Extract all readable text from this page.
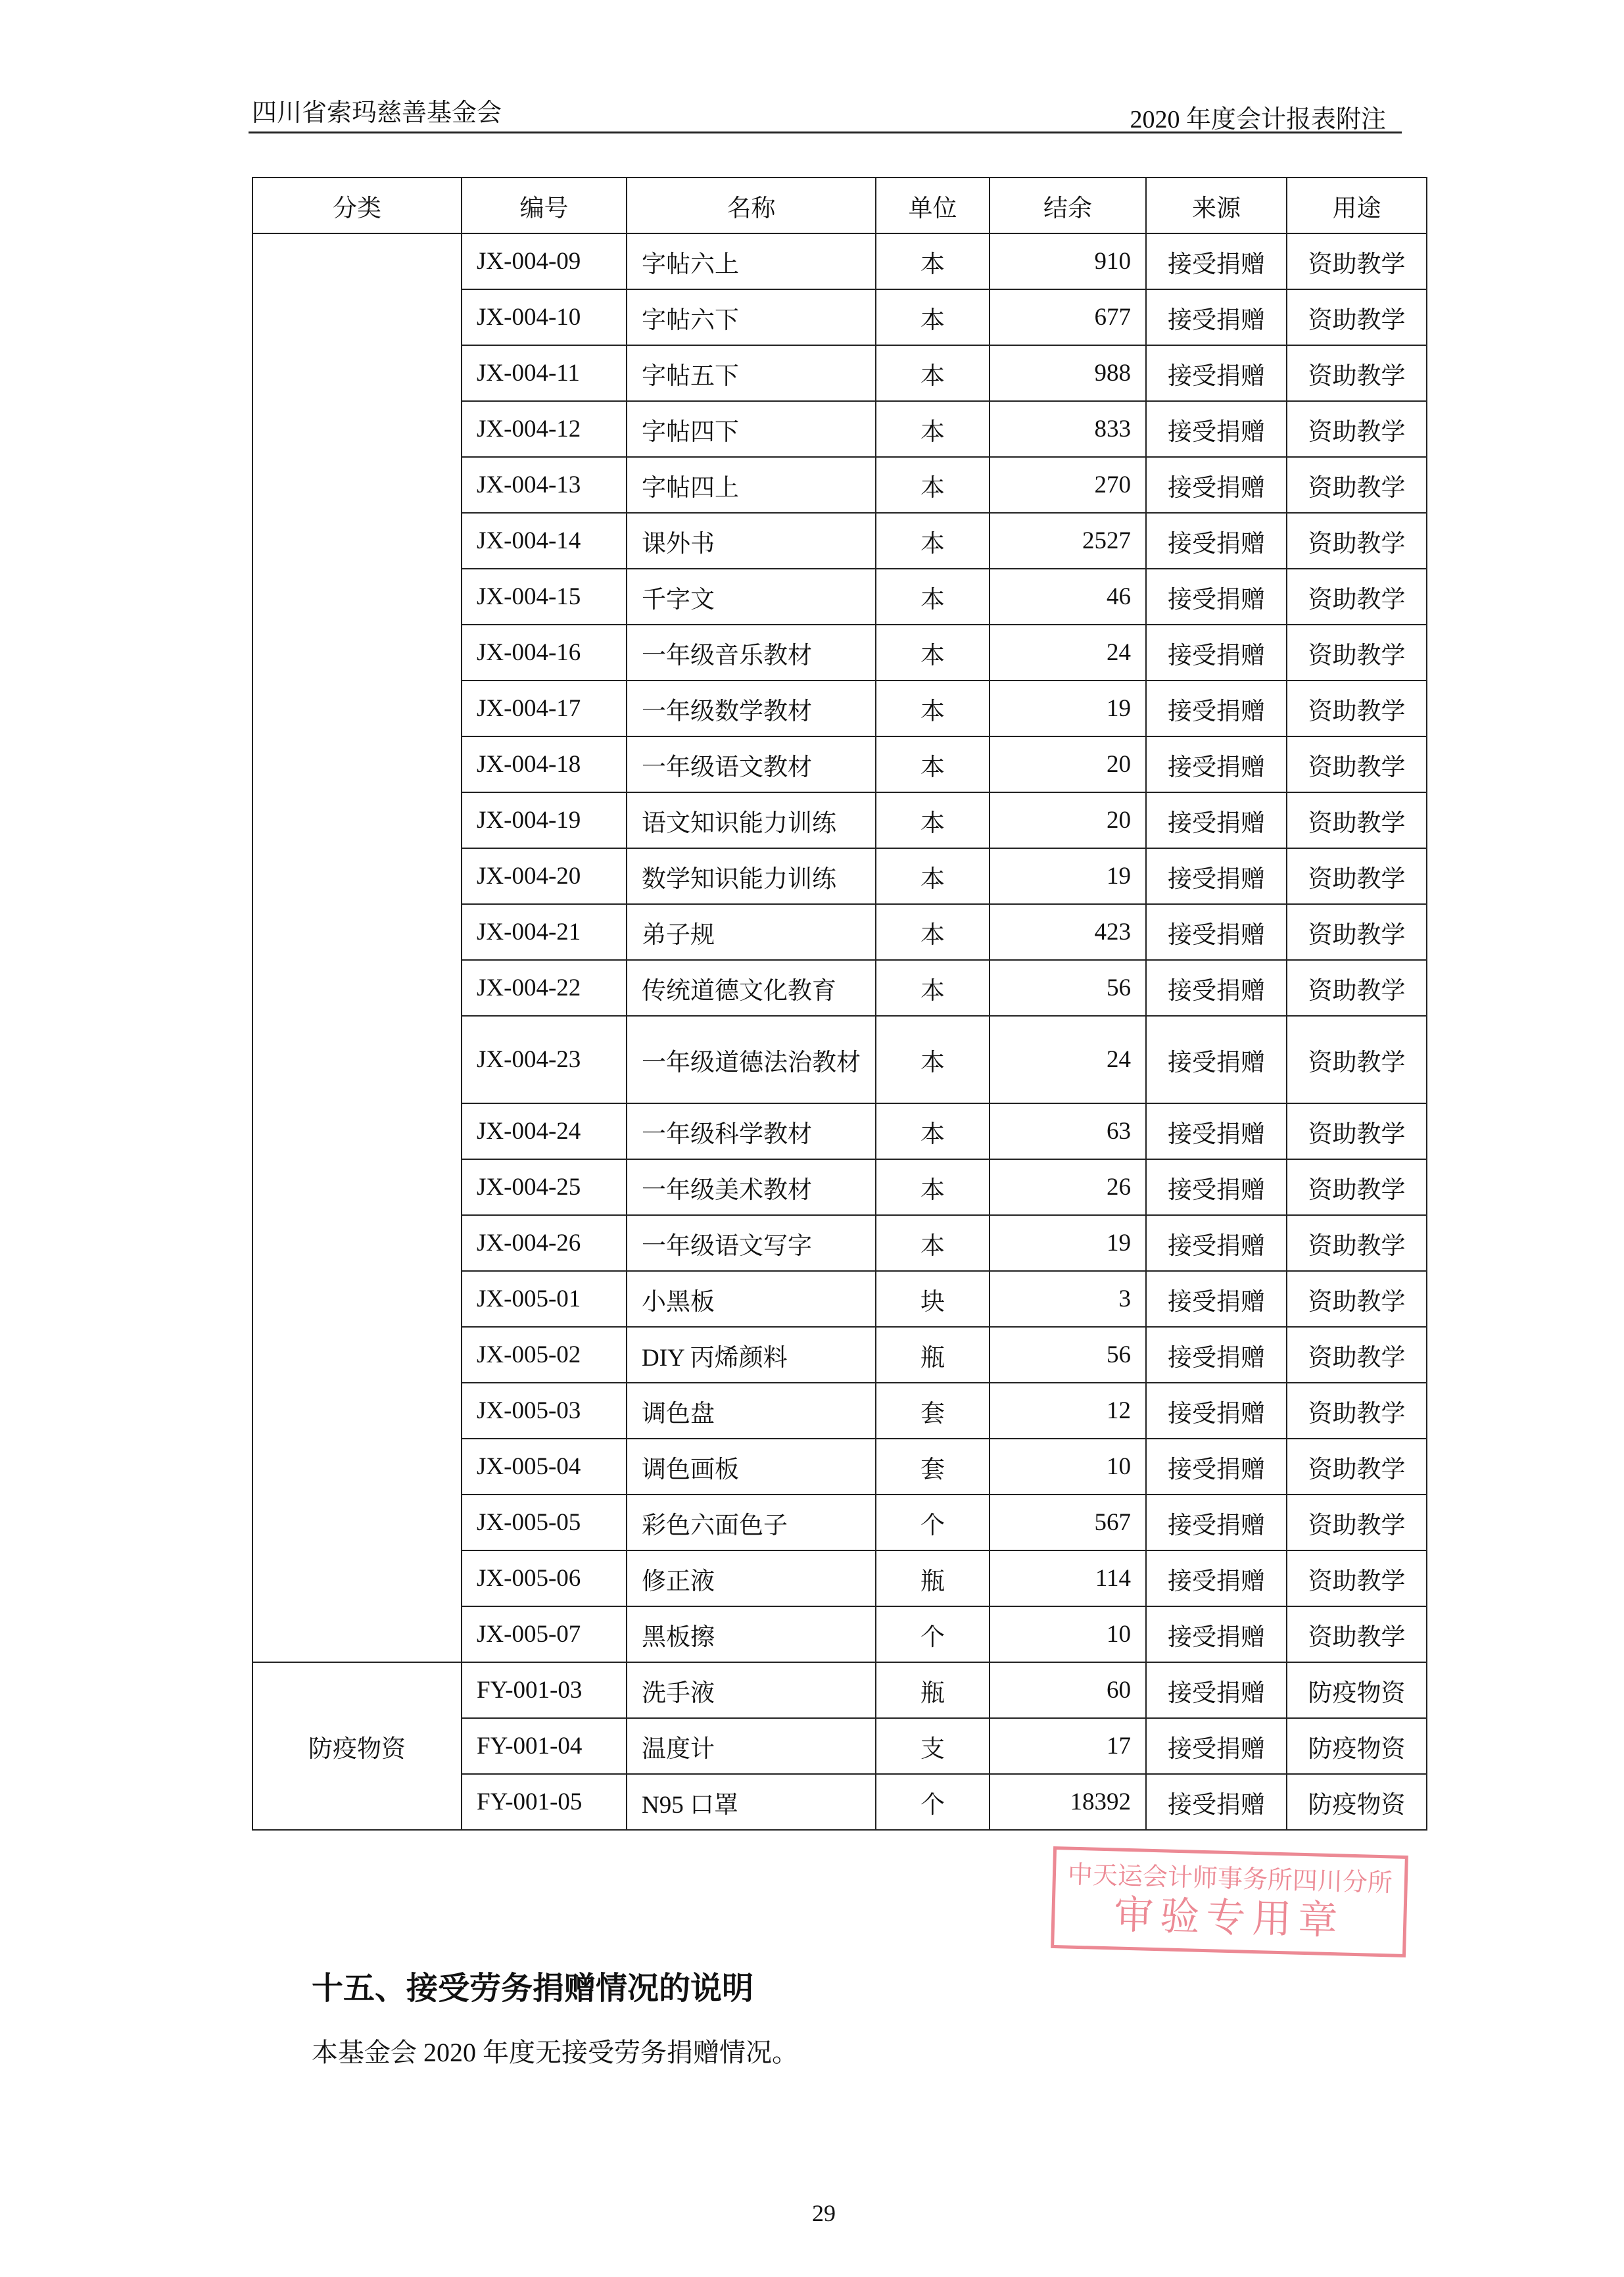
四川省索玛慈善基金会	2020 年度会计报表附注
分类	编号	名称	单位	结余	来源	用途
	JX-004-09	字帖六上	本	910	接受捐赠	资助教学
	JX-004-10	字帖六下	本	677	接受捐赠	资助教学
	JX-004-11	字帖五下	本	988	接受捐赠	资助教学
	JX-004-12	字帖四下	本	833	接受捐赠	资助教学
	JX-004-13	字帖四上	本	270	接受捐赠	资助教学
	JX-004-14	课外书	本	2527	接受捐赠	资助教学
	JX-004-15	千字文	本	46	接受捐赠	资助教学
	JX-004-16	一年级音乐教材	本	24	接受捐赠	资助教学
	JX-004-17	一年级数学教材	本	19	接受捐赠	资助教学
	JX-004-18	一年级语文教材	本	20	接受捐赠	资助教学
	JX-004-19	语文知识能力训练	本	20	接受捐赠	资助教学
	JX-004-20	数学知识能力训练	本	19	接受捐赠	资助教学
	JX-004-21	弟子规	本	423	接受捐赠	资助教学
	JX-004-22	传统道德文化教育	本	56	接受捐赠	资助教学
	JX-004-23	一年级道德法治教材	本	24	接受捐赠	资助教学
	JX-004-24	一年级科学教材	本	63	接受捐赠	资助教学
	JX-004-25	一年级美术教材	本	26	接受捐赠	资助教学
	JX-004-26	一年级语文写字	本	19	接受捐赠	资助教学
	JX-005-01	小黑板	块	3	接受捐赠	资助教学
	JX-005-02	DIY 丙烯颜料	瓶	56	接受捐赠	资助教学
	JX-005-03	调色盘	套	12	接受捐赠	资助教学
	JX-005-04	调色画板	套	10	接受捐赠	资助教学
	JX-005-05	彩色六面色子	个	567	接受捐赠	资助教学
	JX-005-06	修正液	瓶	114	接受捐赠	资助教学
	JX-005-07	黑板擦	个	10	接受捐赠	资助教学
防疫物资	FY-001-03	洗手液	瓶	60	接受捐赠	防疫物资
	FY-001-04	温度计	支	17	接受捐赠	防疫物资
	FY-001-05	N95 口罩	个	18392	接受捐赠	防疫物资
中天运会计师事务所四川分所
审验专用章
十五、接受劳务捐赠情况的说明
本基金会 2020 年度无接受劳务捐赠情况。
29
